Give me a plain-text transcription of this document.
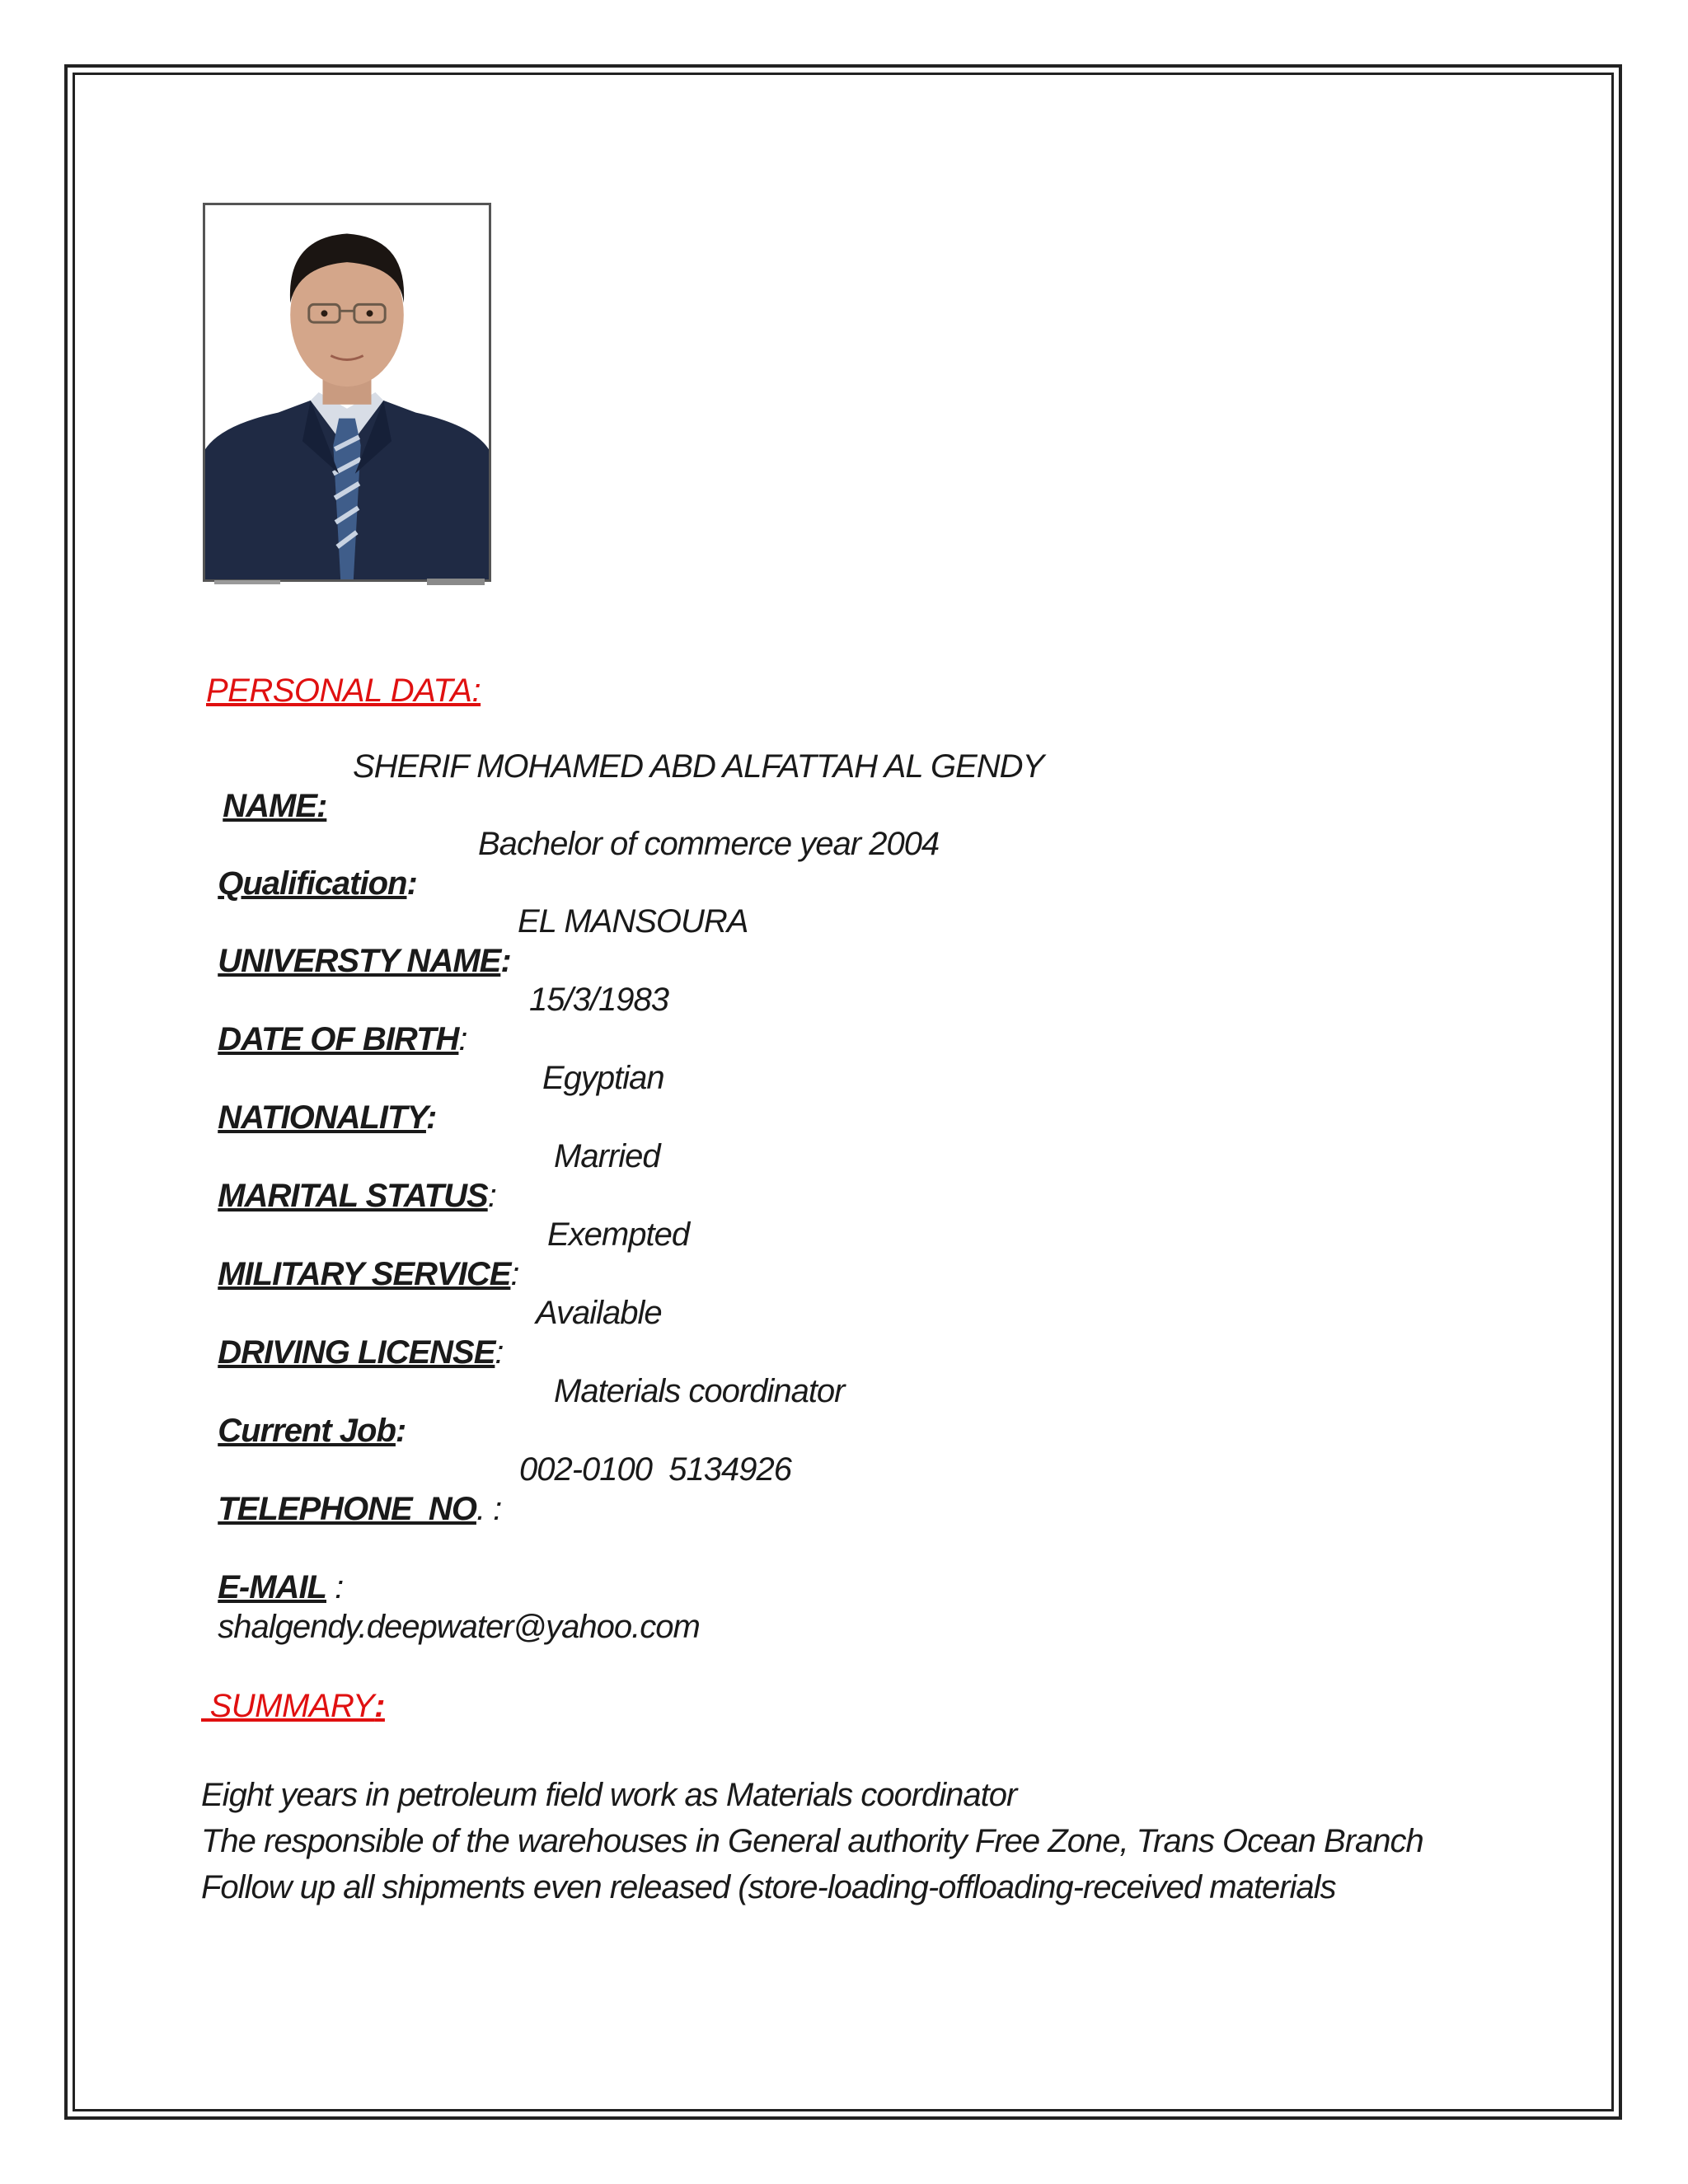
PERSONAL DATA:

NAME:

SHERIF MOHAMED ABD ALFATTAH AL GENDY

Qualification:

Bachelor of commerce year 2004

UNIVERSTY NAME:

EL MANSOURA

DATE OF BIRTH:

15/3/1983

NATIONALITY:

Egyptian

MARITAL STATUS:

Married

MILITARY SERVICE:

Exempted

DRIVING LICENSE:

Available

Current Job:

Materials coordinator

TELEPHONE  NO. :

002-0100  5134926

E-MAIL :
shalgendy.deepwater@yahoo.com

SUMMARY:
Eight years in petroleum field work as Materials coordinator
The responsible of the warehouses in General authority Free Zone, Trans Ocean Branch
Follow up all shipments even released (store-loading-offloading-received materials
